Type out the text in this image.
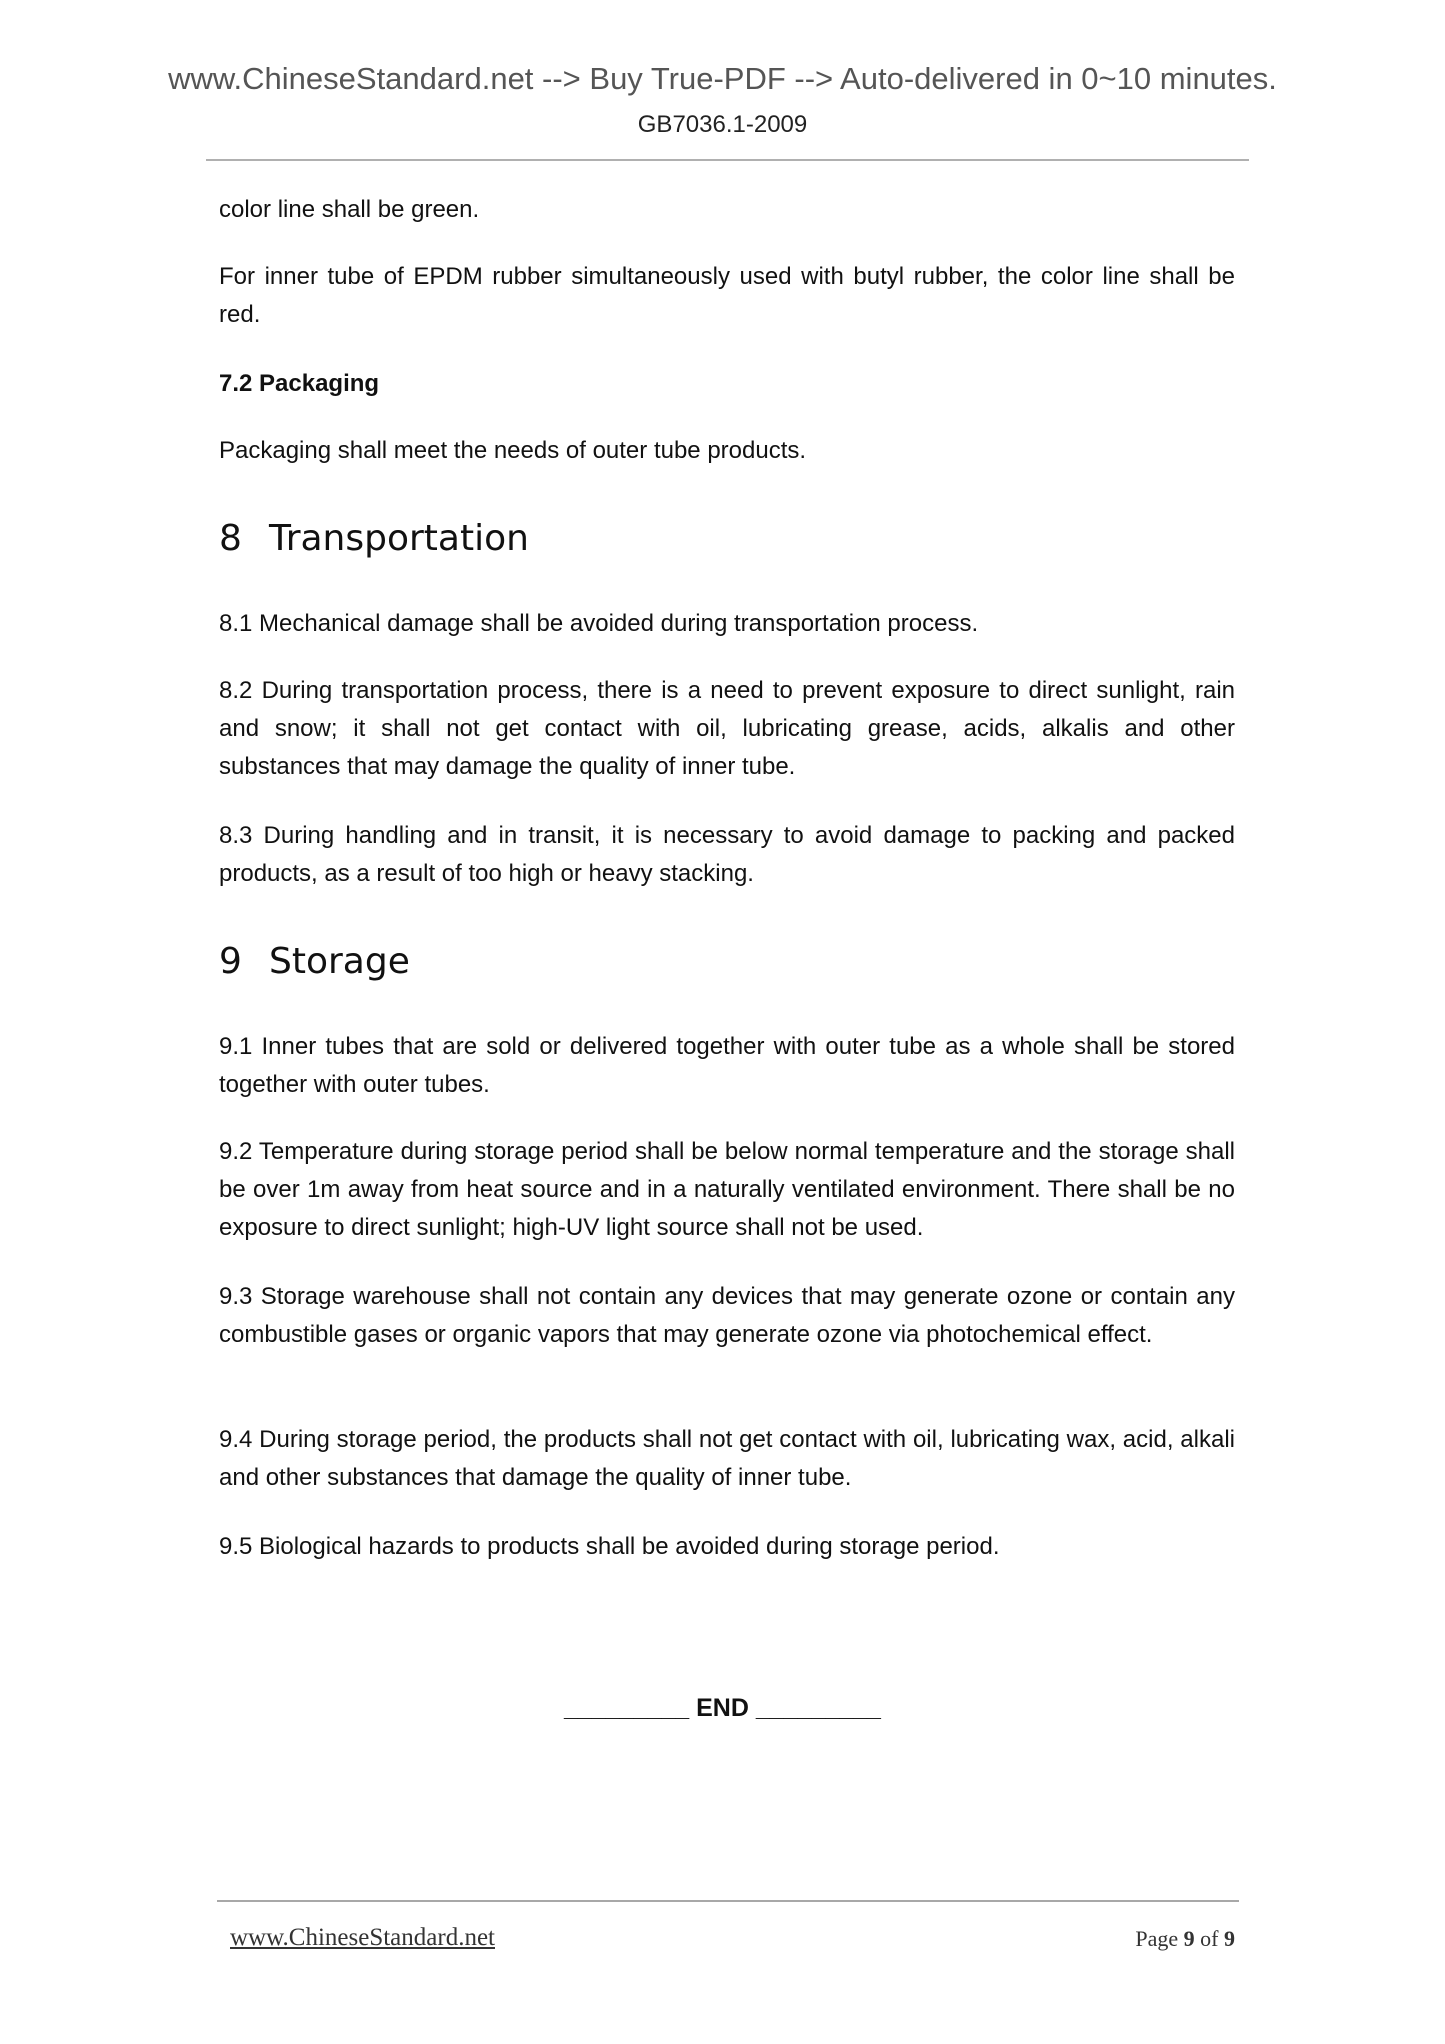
www.ChineseStandard.net --> Buy True-PDF --> Auto-delivered in 0~10 minutes.
GB7036.1-2009

color line shall be green.

For inner tube of EPDM rubber simultaneously used with butyl rubber, the color line shall be red.

7.2 Packaging

Packaging shall meet the needs of outer tube products.

8 Transportation

8.1 Mechanical damage shall be avoided during transportation process.

8.2 During transportation process, there is a need to prevent exposure to direct sunlight, rain and snow; it shall not get contact with oil, lubricating grease, acids, alkalis and other substances that may damage the quality of inner tube.

8.3 During handling and in transit, it is necessary to avoid damage to packing and packed products, as a result of too high or heavy stacking.

9 Storage

9.1 Inner tubes that are sold or delivered together with outer tube as a whole shall be stored together with outer tubes.

9.2 Temperature during storage period shall be below normal temperature and the storage shall be over 1m away from heat source and in a naturally ventilated environment. There shall be no exposure to direct sunlight; high-UV light source shall not be used.

9.3 Storage warehouse shall not contain any devices that may generate ozone or contain any combustible gases or organic vapors that may generate ozone via photochemical effect.

9.4 During storage period, the products shall not get contact with oil, lubricating wax, acid, alkali and other substances that damage the quality of inner tube.

9.5 Biological hazards to products shall be avoided during storage period.

_________ END _________
www.ChineseStandard.net	Page 9 of 9
